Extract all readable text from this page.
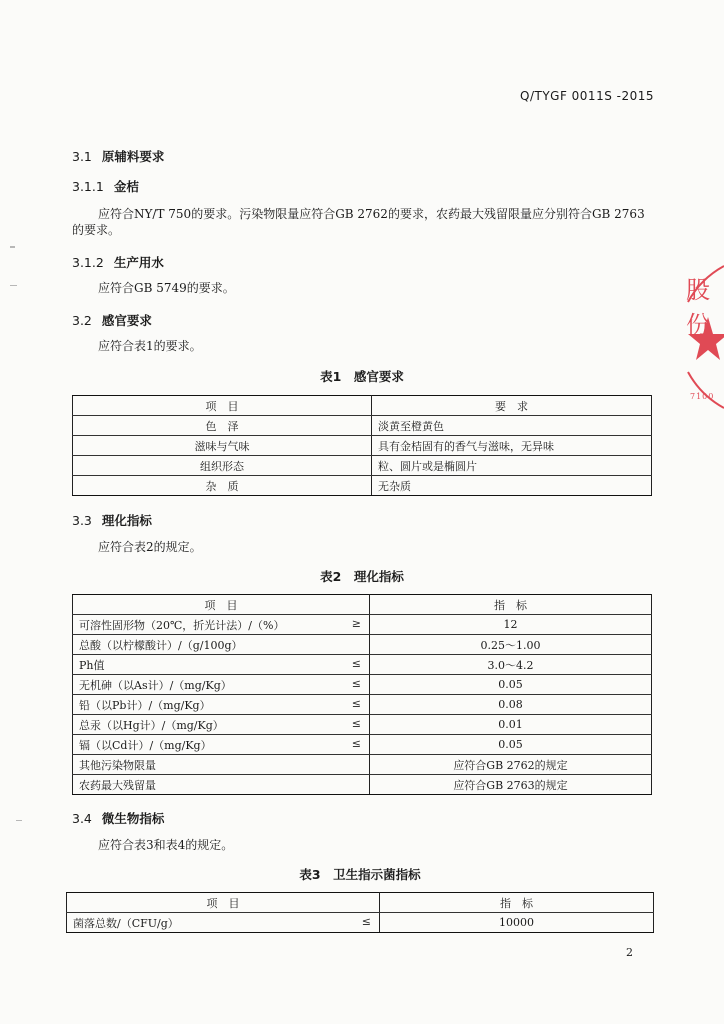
Q/TYGF 0011S -2015
3.1 原辅料要求
3.1.1 金桔
应符合NY/T 750的要求。污染物限量应符合GB 2762的要求，农药最大残留限量应分别符合GB 2763
的要求。
3.1.2 生产用水
应符合GB 5749的要求。
3.2 感官要求
应符合表1的要求。
表1　感官要求
项　目	要　求
色　泽	淡黄至橙黄色
滋味与气味	具有金桔固有的香气与滋味，无异味
组织形态	粒、圆片或是椭圆片
杂　质	无杂质
3.3 理化指标
应符合表2的规定。
表2　理化指标
项　目	指　标
可溶性固形物（20℃，折光计法）/（%） ≥	12
总酸（以柠檬酸计）/（g/100g）	0.25～1.00
Ph值 ≤	3.0～4.2
无机砷（以As计）/（mg/Kg） ≤	0.05
铅（以Pb计）/（mg/Kg） ≤	0.08
总汞（以Hg计）/（mg/Kg） ≤	0.01
镉（以Cd计）/（mg/Kg） ≤	0.05
其他污染物限量	应符合GB 2762的规定
农药最大残留量	应符合GB 2763的规定
3.4 微生物指标
应符合表3和表4的规定。
表3　卫生指示菌指标
项　目	指　标
菌落总数/（CFU/g） ≤	10000
2
股份
7100
